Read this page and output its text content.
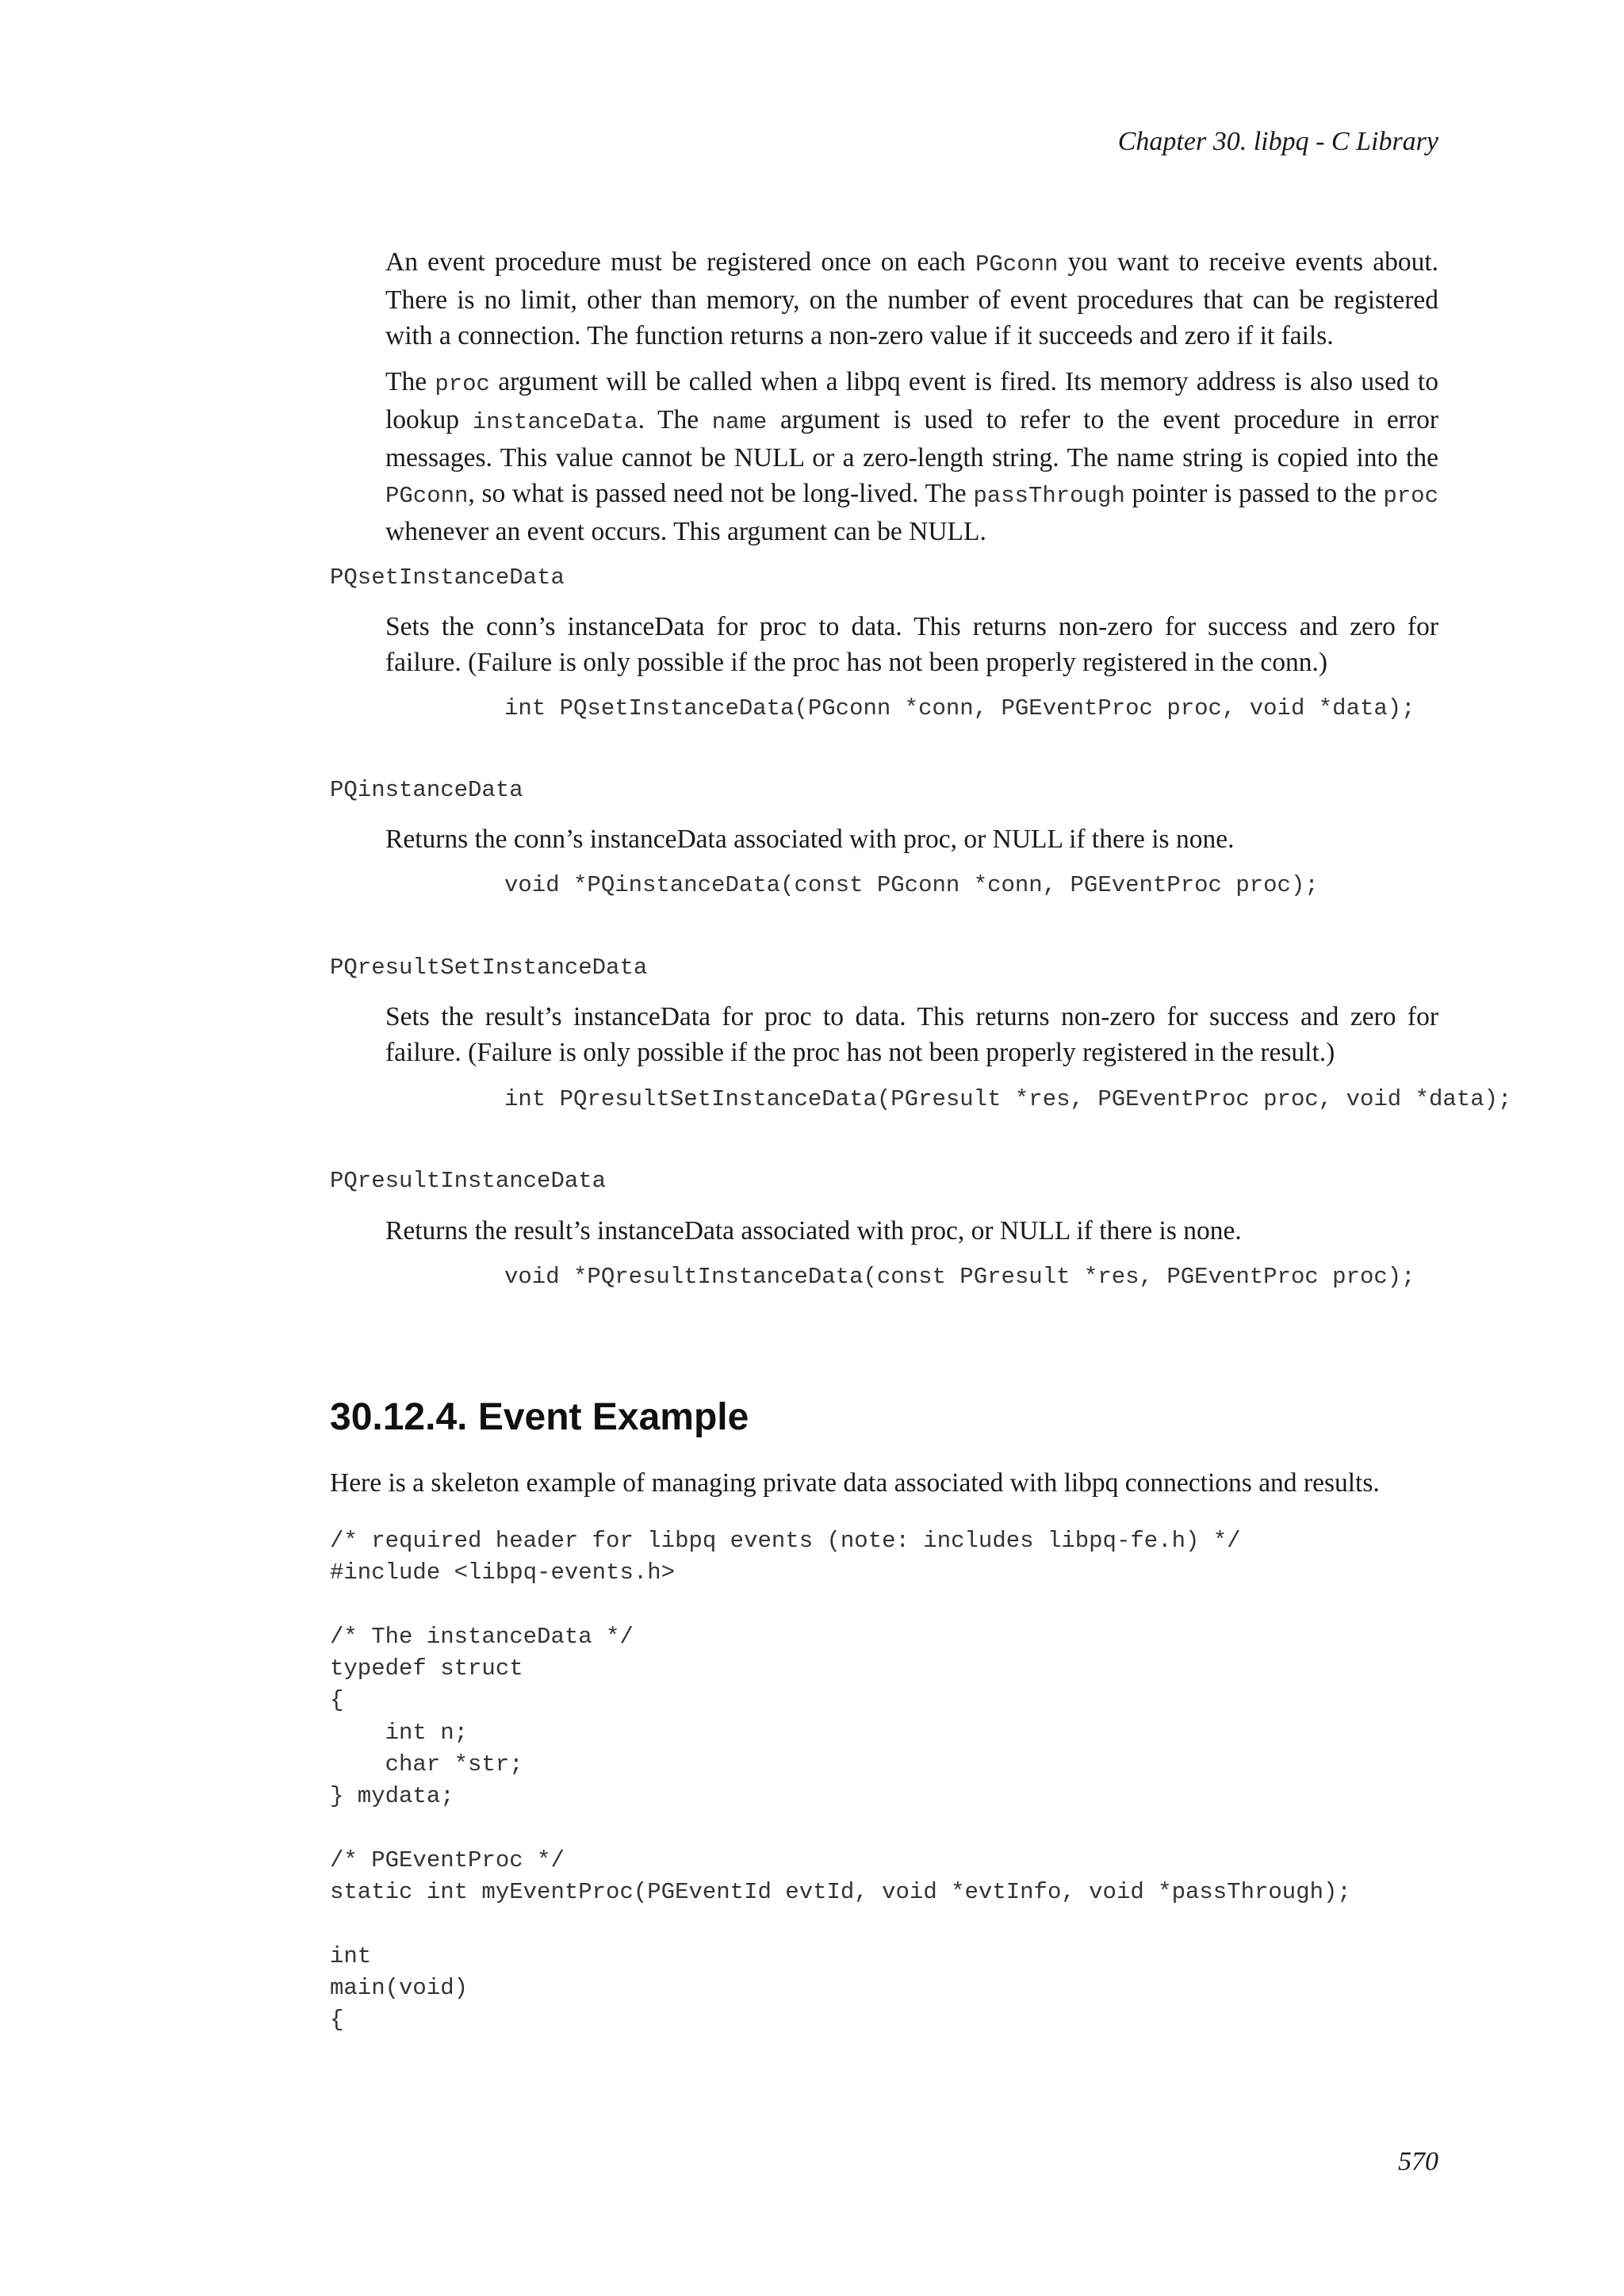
Chapter 30. libpq - C Library

An event procedure must be registered once on each PGconn you want to receive events about. There is no limit, other than memory, on the number of event procedures that can be registered with a connection. The function returns a non-zero value if it succeeds and zero if it fails.

The proc argument will be called when a libpq event is fired. Its memory address is also used to lookup instanceData. The name argument is used to refer to the event procedure in error messages. This value cannot be NULL or a zero-length string. The name string is copied into the PGconn, so what is passed need not be long-lived. The passThrough pointer is passed to the proc whenever an event occurs. This argument can be NULL.

PQsetInstanceData

Sets the conn’s instanceData for proc to data. This returns non-zero for success and zero for failure. (Failure is only possible if the proc has not been properly registered in the conn.)

int PQsetInstanceData(PGconn *conn, PGEventProc proc, void *data);
PQinstanceData

Returns the conn’s instanceData associated with proc, or NULL if there is none.

void *PQinstanceData(const PGconn *conn, PGEventProc proc);
PQresultSetInstanceData

Sets the result’s instanceData for proc to data. This returns non-zero for success and zero for failure. (Failure is only possible if the proc has not been properly registered in the result.)

int PQresultSetInstanceData(PGresult *res, PGEventProc proc, void *data);
PQresultInstanceData

Returns the result’s instanceData associated with proc, or NULL if there is none.

void *PQresultInstanceData(const PGresult *res, PGEventProc proc);
30.12.4. Event Example

Here is a skeleton example of managing private data associated with libpq connections and results.

/* required header for libpq events (note: includes libpq-fe.h) */
#include <libpq-events.h>
/* The instanceData */
typedef struct
{
int n;
char *str;
} mydata;
/* PGEventProc */
static int myEventProc(PGEventId evtId, void *evtInfo, void *passThrough);
int
main(void)
{
570
